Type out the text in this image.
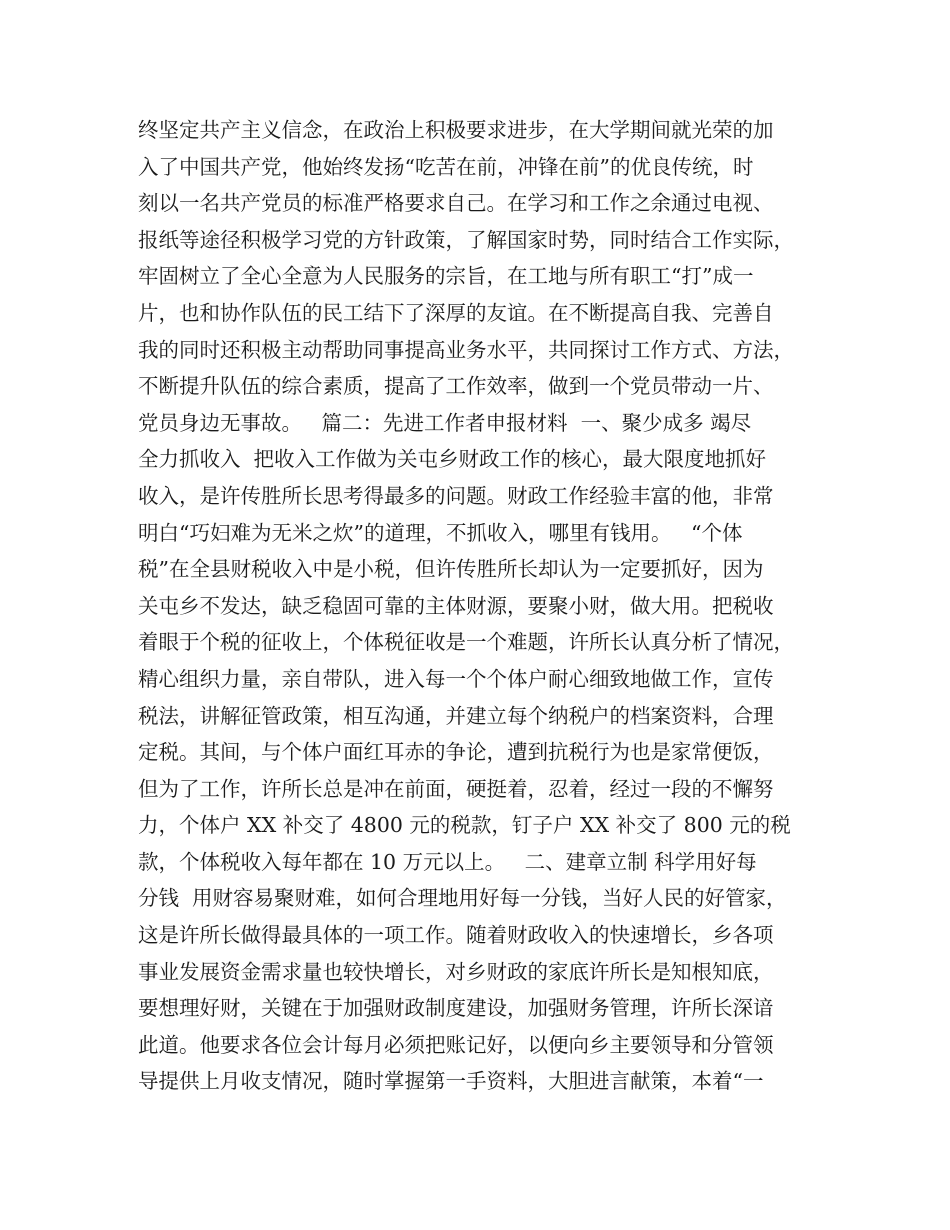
终坚定共产主义信念，在政治上积极要求进步，在大学期间就光荣的加
入了中国共产党，他始终发扬“吃苦在前，冲锋在前”的优良传统，时
刻以一名共产党员的标准严格要求自己。在学习和工作之余通过电视、
报纸等途径积极学习党的方针政策，了解国家时势，同时结合工作实际，
牢固树立了全心全意为人民服务的宗旨，在工地与所有职工“打”成一
片，也和协作队伍的民工结下了深厚的友谊。在不断提高自我、完善自
我的同时还积极主动帮助同事提高业务水平，共同探讨工作方式、方法，
不断提升队伍的综合素质，提高了工作效率，做到一个党员带动一片、
党员身边无事故。   篇二：先进工作者申报材料  一、聚少成多 竭尽
全力抓收入  把收入工作做为关屯乡财政工作的核心，最大限度地抓好
收入，是许传胜所长思考得最多的问题。财政工作经验丰富的他，非常
明白“巧妇难为无米之炊”的道理，不抓收入，哪里有钱用。   “个体
税”在全县财税收入中是小税，但许传胜所长却认为一定要抓好，因为
关屯乡不发达，缺乏稳固可靠的主体财源，要聚小财，做大用。把税收
着眼于个税的征收上，个体税征收是一个难题，许所长认真分析了情况，
精心组织力量，亲自带队，进入每一个个体户耐心细致地做工作，宣传
税法，讲解征管政策，相互沟通，并建立每个纳税户的档案资料，合理
定税。其间，与个体户面红耳赤的争论，遭到抗税行为也是家常便饭，
但为了工作，许所长总是冲在前面，硬挺着，忍着，经过一段的不懈努
力，个体户 XX 补交了 4800 元的税款，钉子户 XX 补交了 800 元的税
款，个体税收入每年都在 10 万元以上。   二、建章立制 科学用好每
分钱  用财容易聚财难，如何合理地用好每一分钱，当好人民的好管家，
这是许所长做得最具体的一项工作。随着财政收入的快速增长，乡各项
事业发展资金需求量也较快增长，对乡财政的家底许所长是知根知底，
要想理好财，关键在于加强财政制度建设，加强财务管理，许所长深谙
此道。他要求各位会计每月必须把账记好，以便向乡主要领导和分管领
导提供上月收支情况，随时掌握第一手资料，大胆进言献策，本着“一
